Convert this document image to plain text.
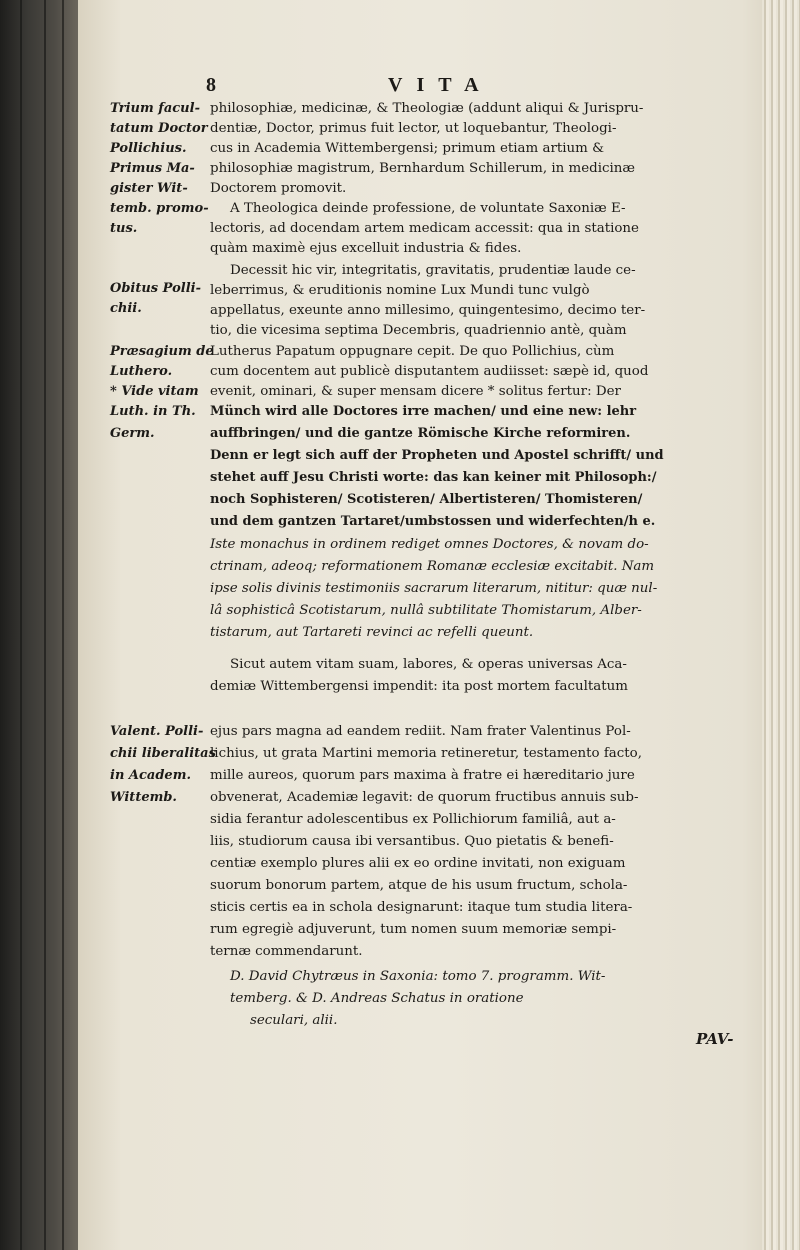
8	VITA
Trium facul-
tatum Doctor
Pollichius.
Primus Ma-
gister Wit-
temb. promo-
tus.
Obitus Polli-
chii.
Præsagium de
Luthero.
* Vide vitam
Luth. in Th.
Germ.
Valent. Polli-
chii liberalitas
in Academ.
Wittemb.
philosophiæ, medicinæ, & Theologiæ (addunt aliqui & Jurispru-
dentiæ, Doctor, primus fuit lector, ut loquebantur, Theologi-
cus in Academia Wittembergensi; primum etiam artium &
philosophiæ magistrum, Bernhardum Schillerum, in medicinæ
Doctorem promovit.
A Theologica deinde professione, de voluntate Saxoniæ E-
lectoris, ad docendam artem medicam accessit: qua in statione
quàm maximè ejus excelluit industria & fides.
Decessit hic vir, integritatis, gravitatis, prudentiæ laude ce-
leberrimus, & eruditionis nomine Lux Mundi tunc vulgò
appellatus, exeunte anno millesimo, quingentesimo, decimo ter-
tio, die vicesima septima Decembris, quadriennio antè, quàm
Lutherus Papatum oppugnare cepit. De quo Pollichius, cùm
cum docentem aut publicè disputantem audiisset: sæpè id, quod
evenit, ominari, & super mensam dicere * solitus fertur: Der
Münch wird alle Doctores irre machen/ und eine new: lehr
auffbringen/ und die gantze Römische Kirche reformiren.
Denn er legt sich auff der Propheten und Apostel schrifft/ und
stehet auff Jesu Christi worte: das kan keiner mit Philosoph:/
noch Sophisteren/ Scotisteren/ Albertisteren/ Thomisteren/
und dem gantzen Tartaret/umbstossen und widerfechten/h e.
Iste monachus in ordinem rediget omnes Doctores, & novam do-
ctrinam, adeoq; reformationem Romanæ ecclesiæ excitabit. Nam
ipse solis divinis testimoniis sacrarum literarum, nititur: quæ nul-
lâ sophisticâ Scotistarum, nullâ subtilitate Thomistarum, Alber-
tistarum, aut Tartareti revinci ac refelli queunt.
Sicut autem vitam suam, labores, & operas universas Aca-
demiæ Wittembergensi impendit: ita post mortem facultatum
ejus pars magna ad eandem rediit. Nam frater Valentinus Pol-
lichius, ut grata Martini memoria retineretur, testamento facto,
mille aureos, quorum pars maxima à fratre ei hæreditario jure
obvenerat, Academiæ legavit: de quorum fructibus annuis sub-
sidia ferantur adolescentibus ex Pollichiorum familiâ, aut a-
liis, studiorum causa ibi versantibus. Quo pietatis & benefi-
centiæ exemplo plures alii ex eo ordine invitati, non exiguam
suorum bonorum partem, atque de his usum fructum, schola-
sticis certis ea in schola designarunt: itaque tum studia litera-
rum egregiè adjuverunt, tum nomen suum memoriæ sempi-
ternæ commendarunt.
D. David Chytræus in Saxonia: tomo 7. programm. Wit-
temberg. & D. Andreas Schatus in oratione
seculari, alii.
PAV-
